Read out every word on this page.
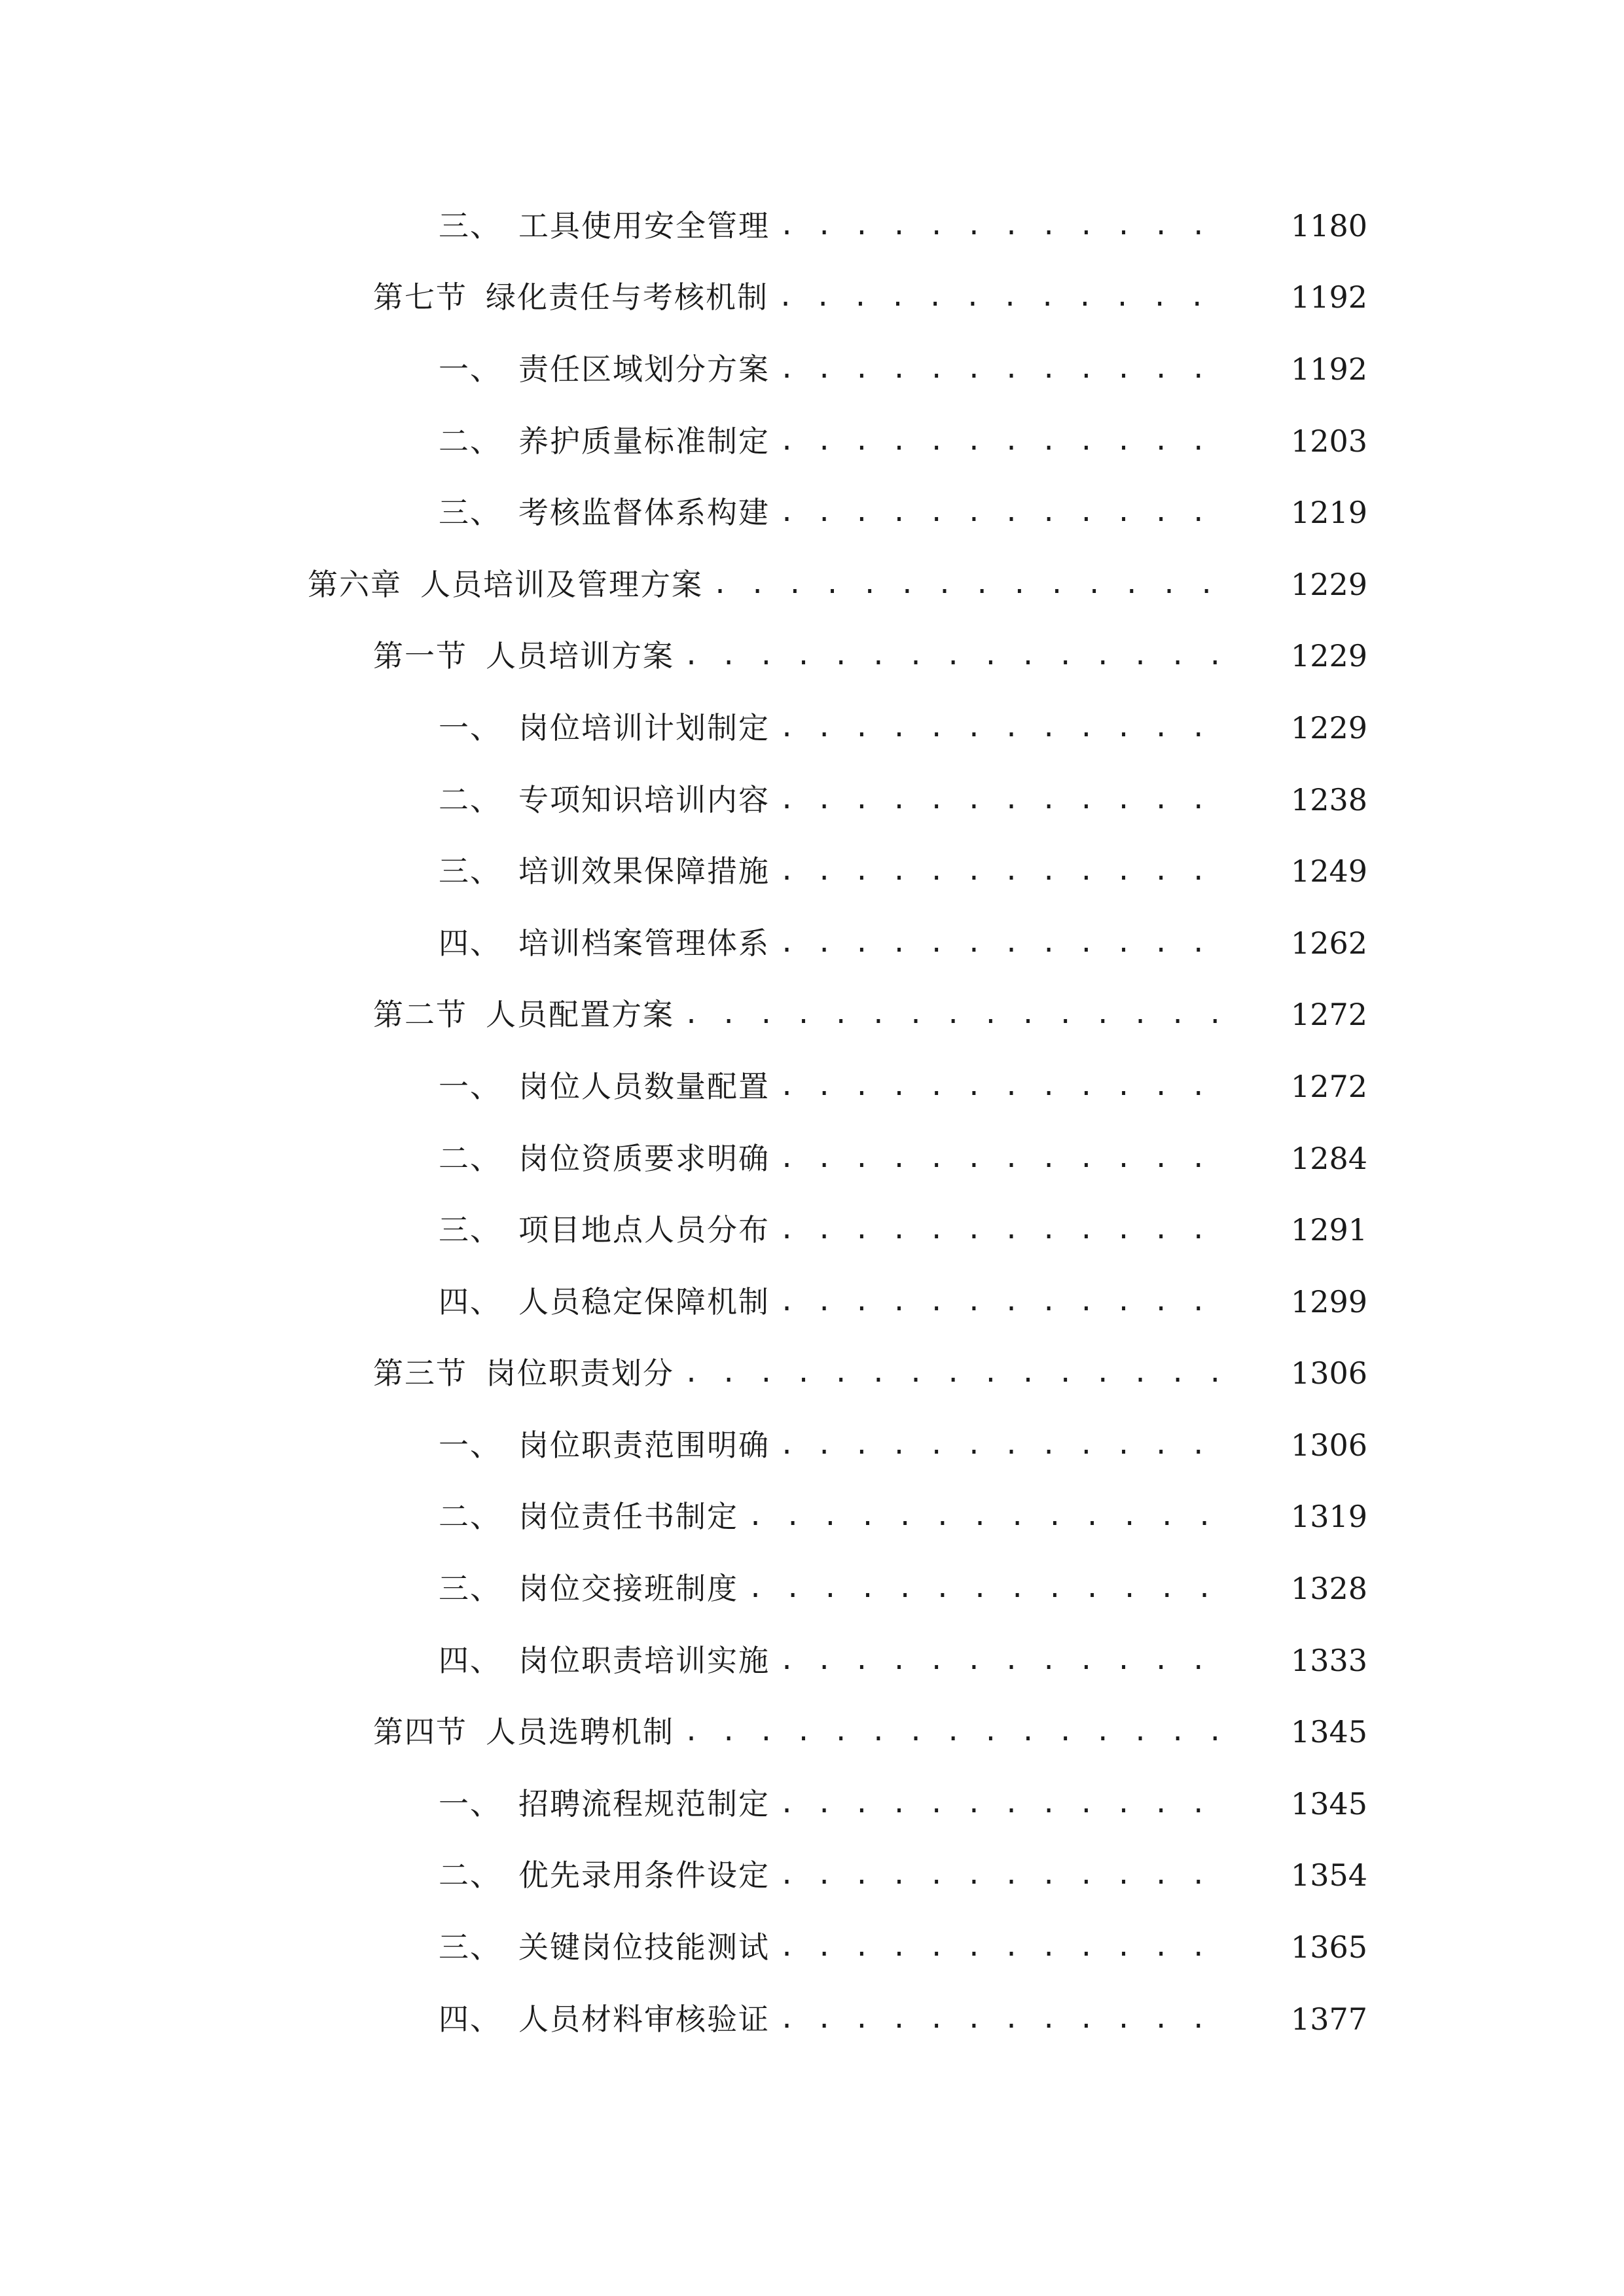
三、 工具使用安全管理 . . .	1180
第七节 绿化责任与考核机制 . . .	1192
一、 责任区域划分方案 . . .	1192
二、 养护质量标准制定 . . .	1203
三、 考核监督体系构建 . . .	1219
第六章 人员培训及管理方案 . . .	1229
第一节 人员培训方案 . . .	1229
一、 岗位培训计划制定 . . .	1229
二、 专项知识培训内容 . . .	1238
三、 培训效果保障措施 . . .	1249
四、 培训档案管理体系 . . .	1262
第二节 人员配置方案 . . .	1272
一、 岗位人员数量配置 . . .	1272
二、 岗位资质要求明确 . . .	1284
三、 项目地点人员分布 . . .	1291
四、 人员稳定保障机制 . . .	1299
第三节 岗位职责划分 . . .	1306
一、 岗位职责范围明确 . . .	1306
二、 岗位责任书制定 . . .	1319
三、 岗位交接班制度 . . .	1328
四、 岗位职责培训实施 . . .	1333
第四节 人员选聘机制 . . .	1345
一、 招聘流程规范制定 . . .	1345
二、 优先录用条件设定 . . .	1354
三、 关键岗位技能测试 . . .	1365
四、 人员材料审核验证 . . .	1377
